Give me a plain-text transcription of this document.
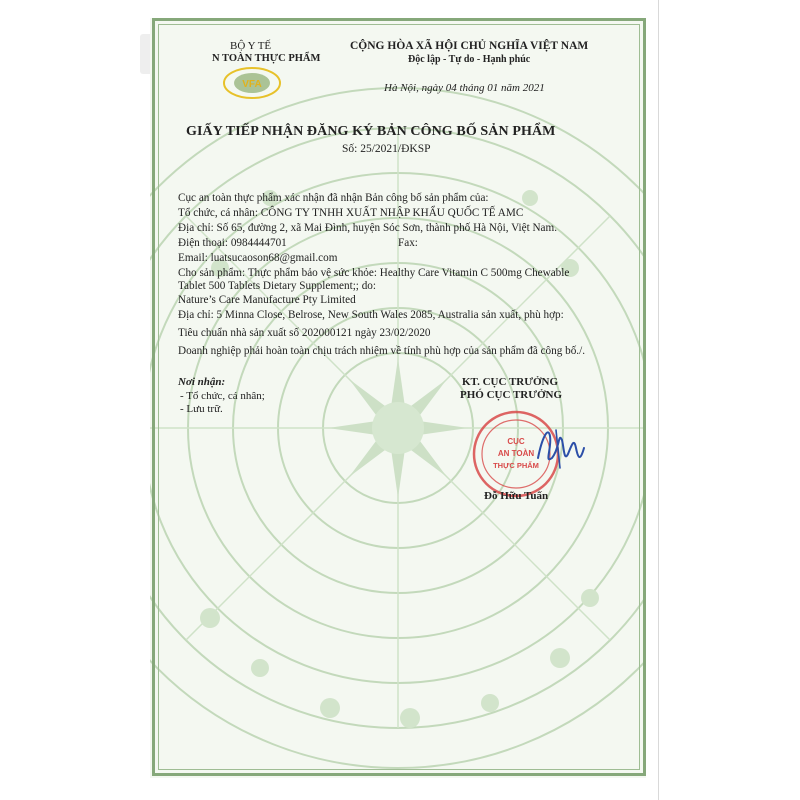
BỘ Y TẾ
N TOÀN THỰC PHẨM
VFA
CỘNG HÒA XÃ HỘI CHỦ NGHĨA VIỆT NAM
Độc lập - Tự do - Hạnh phúc
Hà Nội, ngày 04 tháng 01 năm 2021
GIẤY TIẾP NHẬN ĐĂNG KÝ BẢN CÔNG BỐ SẢN PHẨM
Số: 25/2021/ĐKSP
Cục an toàn thực phẩm xác nhận đã nhận Bản công bố sản phẩm của:
Tổ chức, cá nhân: CÔNG TY TNHH XUẤT NHẬP KHẨU QUỐC TẾ AMC
Địa chỉ: Số 65, đường 2, xã Mai Đình, huyện Sóc Sơn, thành phố Hà Nội, Việt Nam.
Điện thoại: 0984444701	Fax:
Email: luatsucaoson68@gmail.com
Cho sản phẩm: Thực phẩm bảo vệ sức khỏe: Healthy Care Vitamin C 500mg Chewable
Tablet 500 Tablets Dietary Supplement;; do:
Nature’s Care Manufacture Pty Limited
Địa chỉ: 5 Minna Close, Belrose, New South Wales 2085, Australia sản xuất, phù hợp:
Tiêu chuẩn nhà sản xuất số 202000121 ngày 23/02/2020
Doanh nghiệp phải hoàn toàn chịu trách nhiệm về tính phù hợp của sản phẩm đã công bố./.
Nơi nhận:
- Tổ chức, cá nhân;
- Lưu trữ.
KT. CỤC TRƯỞNG
PHÓ CỤC TRƯỞNG
CỤC
AN TOÀN
THỰC PHẨM
Đỗ Hữu Tuấn
